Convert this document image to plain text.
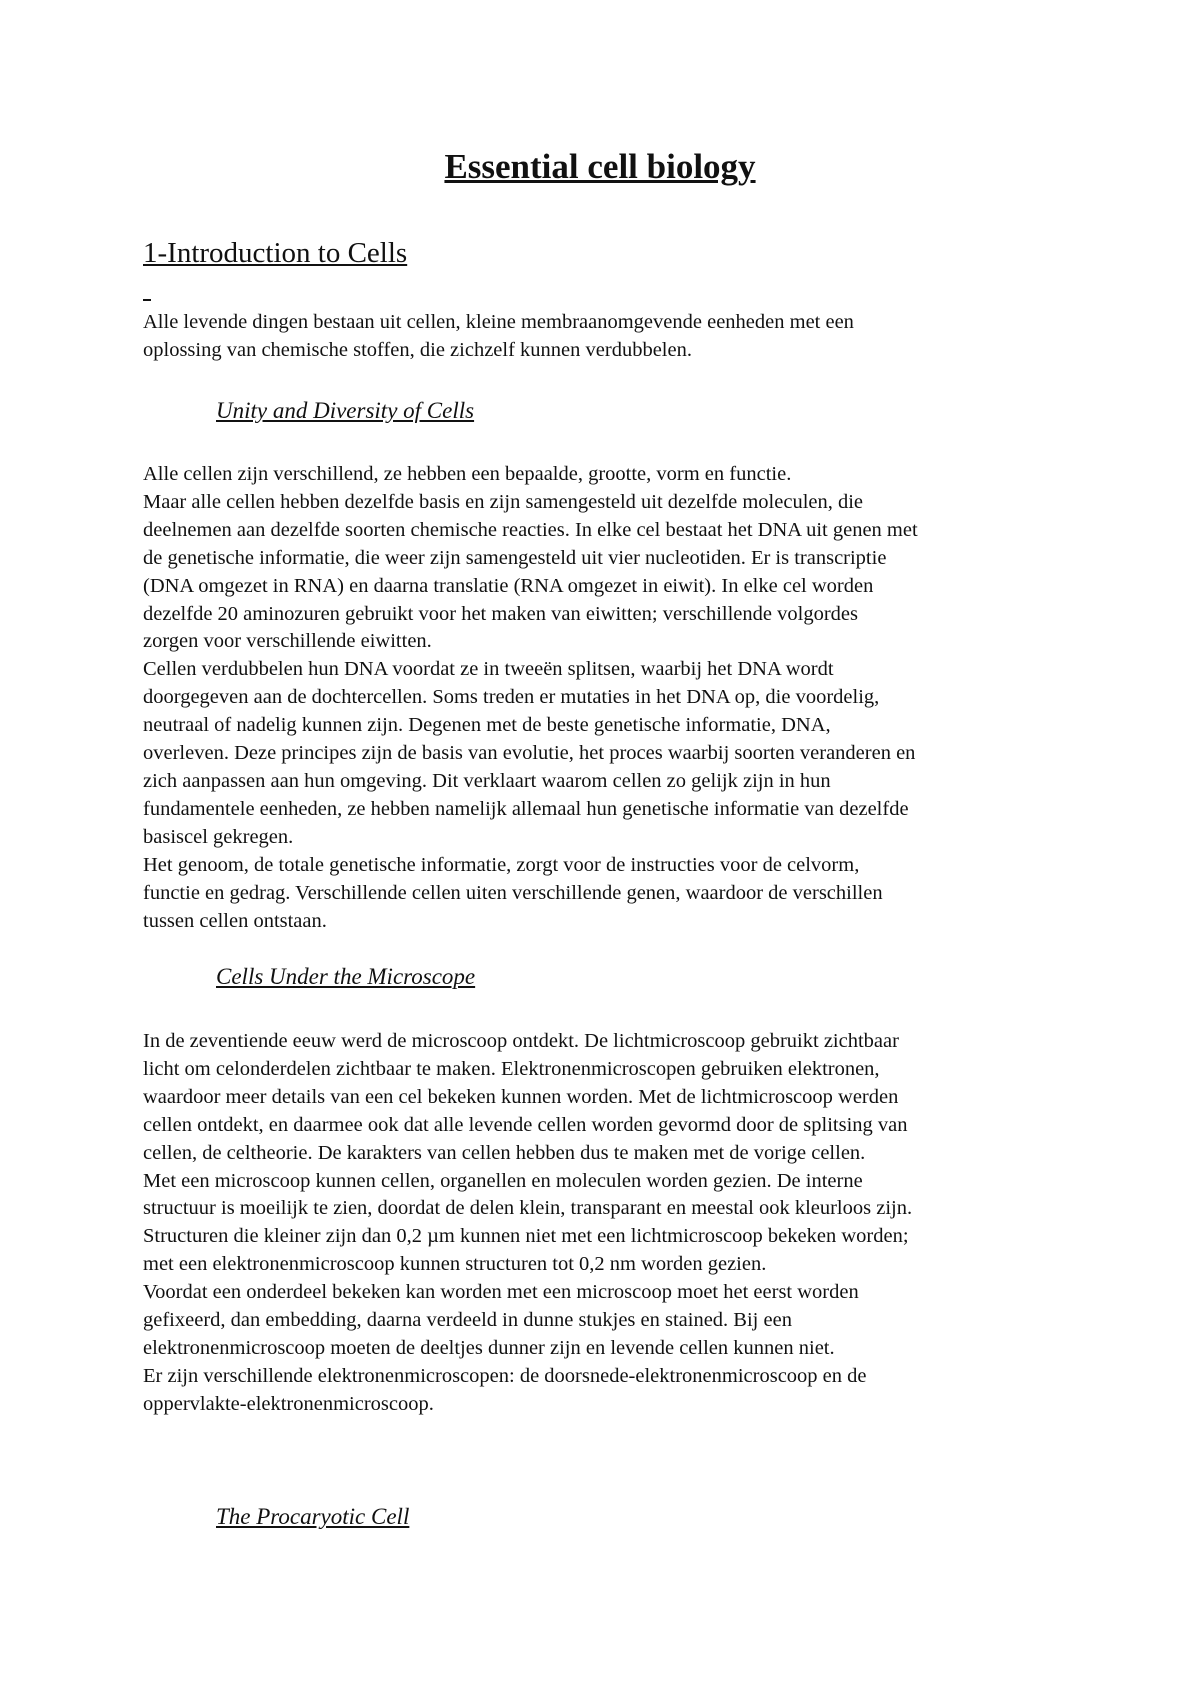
Essential cell biology
1-Introduction to Cells

Alle levende dingen bestaan uit cellen, kleine membraanomgevende eenheden met een
oplossing van chemische stoffen, die zichzelf kunnen verdubbelen.

Unity and Diversity of Cells

Alle cellen zijn verschillend, ze hebben een bepaalde, grootte, vorm en functie.
Maar alle cellen hebben dezelfde basis en zijn samengesteld uit dezelfde moleculen, die
deelnemen aan dezelfde soorten chemische reacties. In elke cel bestaat het DNA uit genen met
de genetische informatie, die weer zijn samengesteld uit vier nucleotiden. Er is transcriptie
(DNA omgezet in RNA) en daarna translatie (RNA omgezet in eiwit). In elke cel worden
dezelfde 20 aminozuren gebruikt voor het maken van eiwitten; verschillende volgordes
zorgen voor verschillende eiwitten.
Cellen verdubbelen hun DNA voordat ze in tweeën splitsen, waarbij het DNA wordt
doorgegeven aan de dochtercellen. Soms treden er mutaties in het DNA op, die voordelig,
neutraal of nadelig kunnen zijn. Degenen met de beste genetische informatie, DNA,
overleven. Deze principes zijn de basis van evolutie, het proces waarbij soorten veranderen en
zich aanpassen aan hun omgeving. Dit verklaart waarom cellen zo gelijk zijn in hun
fundamentele eenheden, ze hebben namelijk allemaal hun genetische informatie van dezelfde
basiscel gekregen.
Het genoom, de totale genetische informatie, zorgt voor de instructies voor de celvorm,
functie en gedrag. Verschillende cellen uiten verschillende genen, waardoor de verschillen
tussen cellen ontstaan.

Cells Under the Microscope

In de zeventiende eeuw werd de microscoop ontdekt. De lichtmicroscoop gebruikt zichtbaar
licht om celonderdelen zichtbaar te maken. Elektronenmicroscopen gebruiken elektronen,
waardoor meer details van een cel bekeken kunnen worden. Met de lichtmicroscoop werden
cellen ontdekt, en daarmee ook dat alle levende cellen worden gevormd door de splitsing van
cellen, de celtheorie. De karakters van cellen hebben dus te maken met de vorige cellen.
Met een microscoop kunnen cellen, organellen en moleculen worden gezien. De interne
structuur is moeilijk te zien, doordat de delen klein, transparant en meestal ook kleurloos zijn.
Structuren die kleiner zijn dan 0,2 µm kunnen niet met een lichtmicroscoop bekeken worden;
met een elektronenmicroscoop kunnen structuren tot 0,2 nm worden gezien.
Voordat een onderdeel bekeken kan worden met een microscoop moet het eerst worden
gefixeerd, dan embedding, daarna verdeeld in dunne stukjes en stained. Bij een
elektronenmicroscoop moeten de deeltjes dunner zijn en levende cellen kunnen niet.
Er zijn verschillende elektronenmicroscopen: de doorsnede-elektronenmicroscoop en de
oppervlakte-elektronenmicroscoop.

The Procaryotic Cell
